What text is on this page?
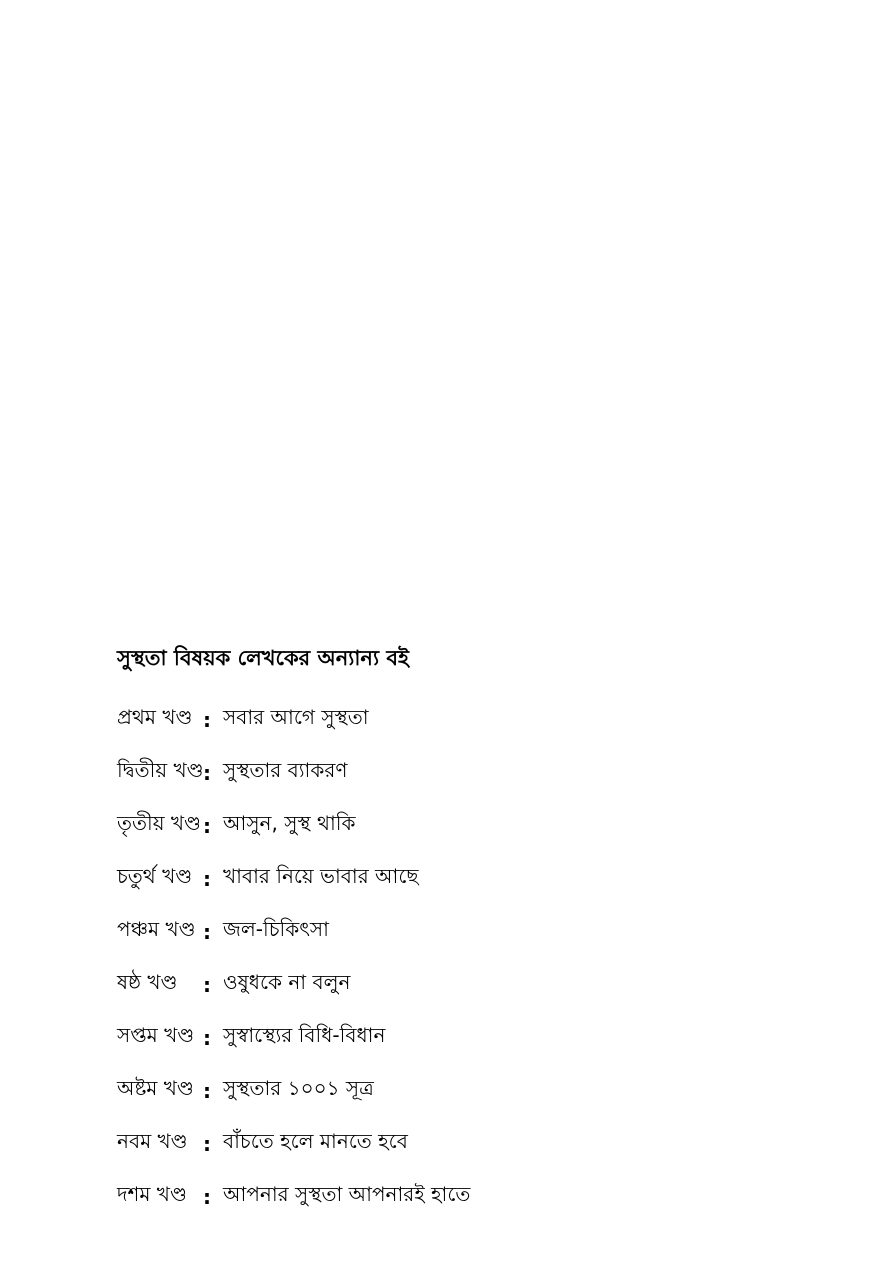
সুস্থতা বিষয়ক লেখকের অন্যান্য বই
প্রথম খণ্ড : সবার আগে সুস্থতা
দ্বিতীয় খণ্ড : সুস্থতার ব্যাকরণ
তৃতীয় খণ্ড : আসুন, সুস্থ থাকি
চতুর্থ খণ্ড : খাবার নিয়ে ভাবার আছে
পঞ্চম খণ্ড : জল-চিকিৎসা
ষষ্ঠ খণ্ড	: ওষুধকে না বলুন
সপ্তম খণ্ড : সুস্বাস্থ্যের বিধি-বিধান
অষ্টম খণ্ড : সুস্থতার ১০০১ সূত্র
নবম খণ্ড : বাঁচতে হলে মানতে হবে
দশম খণ্ড : আপনার সুস্থতা আপনারই হাতে
